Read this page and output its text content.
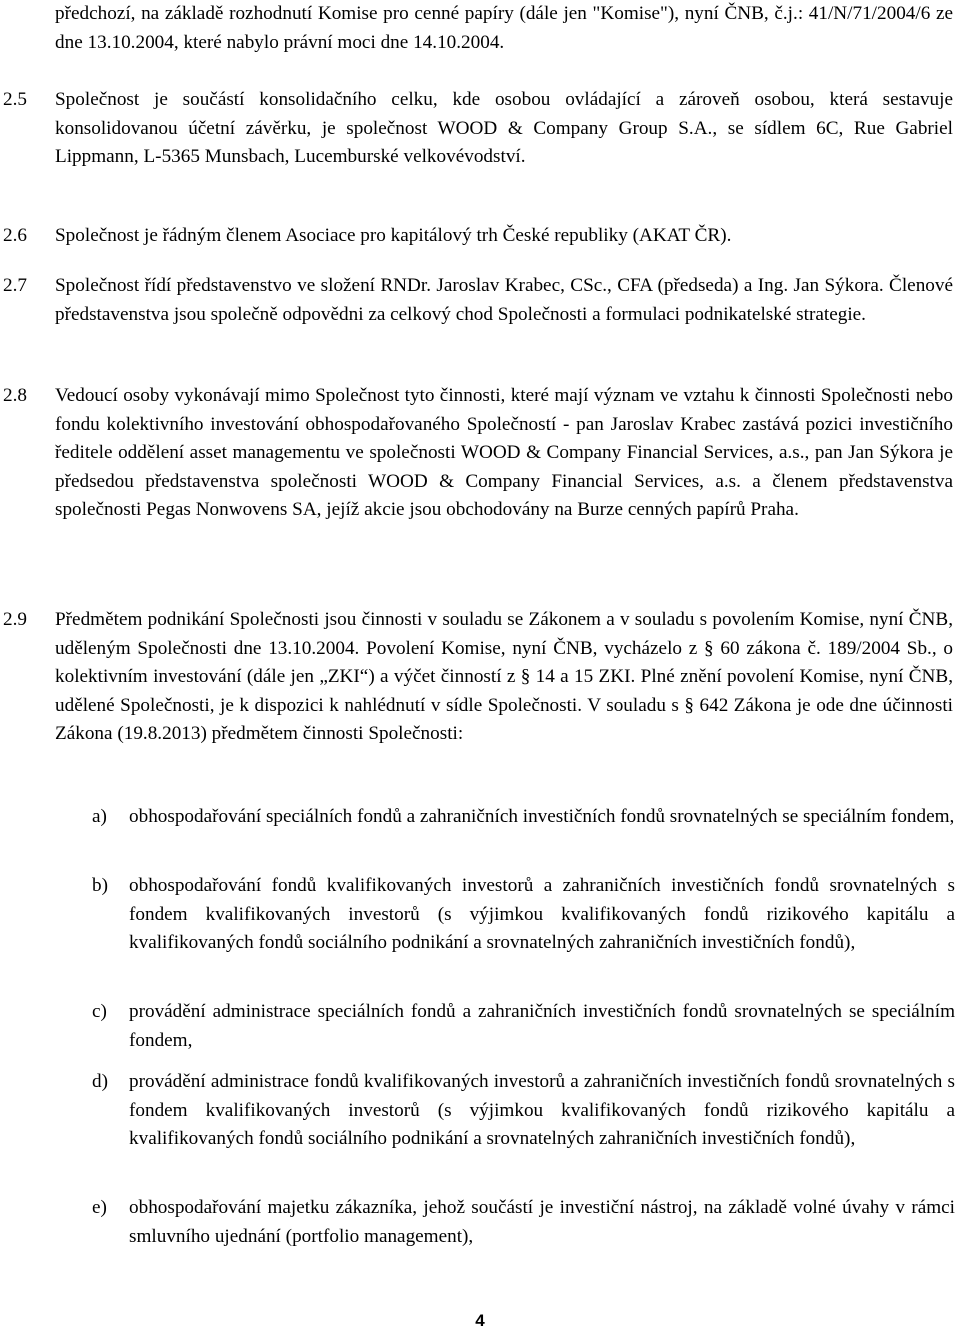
předchozí, na základě rozhodnutí Komise pro cenné papíry (dále jen "Komise"), nyní ČNB, č.j.: 41/N/71/2004/6 ze dne 13.10.2004, které nabylo právní moci dne 14.10.2004.
2.5 Společnost je součástí konsolidačního celku, kde osobou ovládající a zároveň osobou, která sestavuje konsolidovanou účetní závěrku, je společnost WOOD & Company Group S.A., se sídlem 6C, Rue Gabriel Lippmann, L-5365 Munsbach, Lucemburské velkovévodství.
2.6 Společnost je řádným členem Asociace pro kapitálový trh České republiky (AKAT ČR).
2.7 Společnost řídí představenstvo ve složení RNDr. Jaroslav Krabec, CSc., CFA (předseda) a Ing. Jan Sýkora. Členové představenstva jsou společně odpovědni za celkový chod Společnosti a formulaci podnikatelské strategie.
2.8 Vedoucí osoby vykonávají mimo Společnost tyto činnosti, které mají význam ve vztahu k činnosti Společnosti nebo fondu kolektivního investování obhospodařovaného Společností - pan Jaroslav Krabec zastává pozici investičního ředitele oddělení asset managementu ve společnosti WOOD & Company Financial Services, a.s., pan Jan Sýkora je předsedou představenstva společnosti WOOD & Company Financial Services, a.s. a členem představenstva společnosti Pegas Nonwovens SA, jejíž akcie jsou obchodovány na Burze cenných papírů Praha.
2.9 Předmětem podnikání Společnosti jsou činnosti v souladu se Zákonem a v souladu s povolením Komise, nyní ČNB, uděleným Společnosti dne 13.10.2004. Povolení Komise, nyní ČNB, vycházelo z § 60 zákona č. 189/2004 Sb., o kolektivním investování (dále jen „ZKI“) a výčet činností z § 14 a 15 ZKI. Plné znění povolení Komise, nyní ČNB, udělené Společnosti, je k dispozici k nahlédnutí v sídle Společnosti. V souladu s § 642 Zákona je ode dne účinnosti Zákona (19.8.2013) předmětem činnosti Společnosti:
a) obhospodařování speciálních fondů a zahraničních investičních fondů srovnatelných se speciálním fondem,
b) obhospodařování fondů kvalifikovaných investorů a zahraničních investičních fondů srovnatelných s fondem kvalifikovaných investorů (s výjimkou kvalifikovaných fondů rizikového kapitálu a kvalifikovaných fondů sociálního podnikání a srovnatelných zahraničních investičních fondů),
c) provádění administrace speciálních fondů a zahraničních investičních fondů srovnatelných se speciálním fondem,
d) provádění administrace fondů kvalifikovaných investorů a zahraničních investičních fondů srovnatelných s fondem kvalifikovaných investorů (s výjimkou kvalifikovaných fondů rizikového kapitálu a kvalifikovaných fondů sociálního podnikání a srovnatelných zahraničních investičních fondů),
e) obhospodařování majetku zákazníka, jehož součástí je investiční nástroj, na základě volné úvahy v rámci smluvního ujednání (portfolio management),
4
